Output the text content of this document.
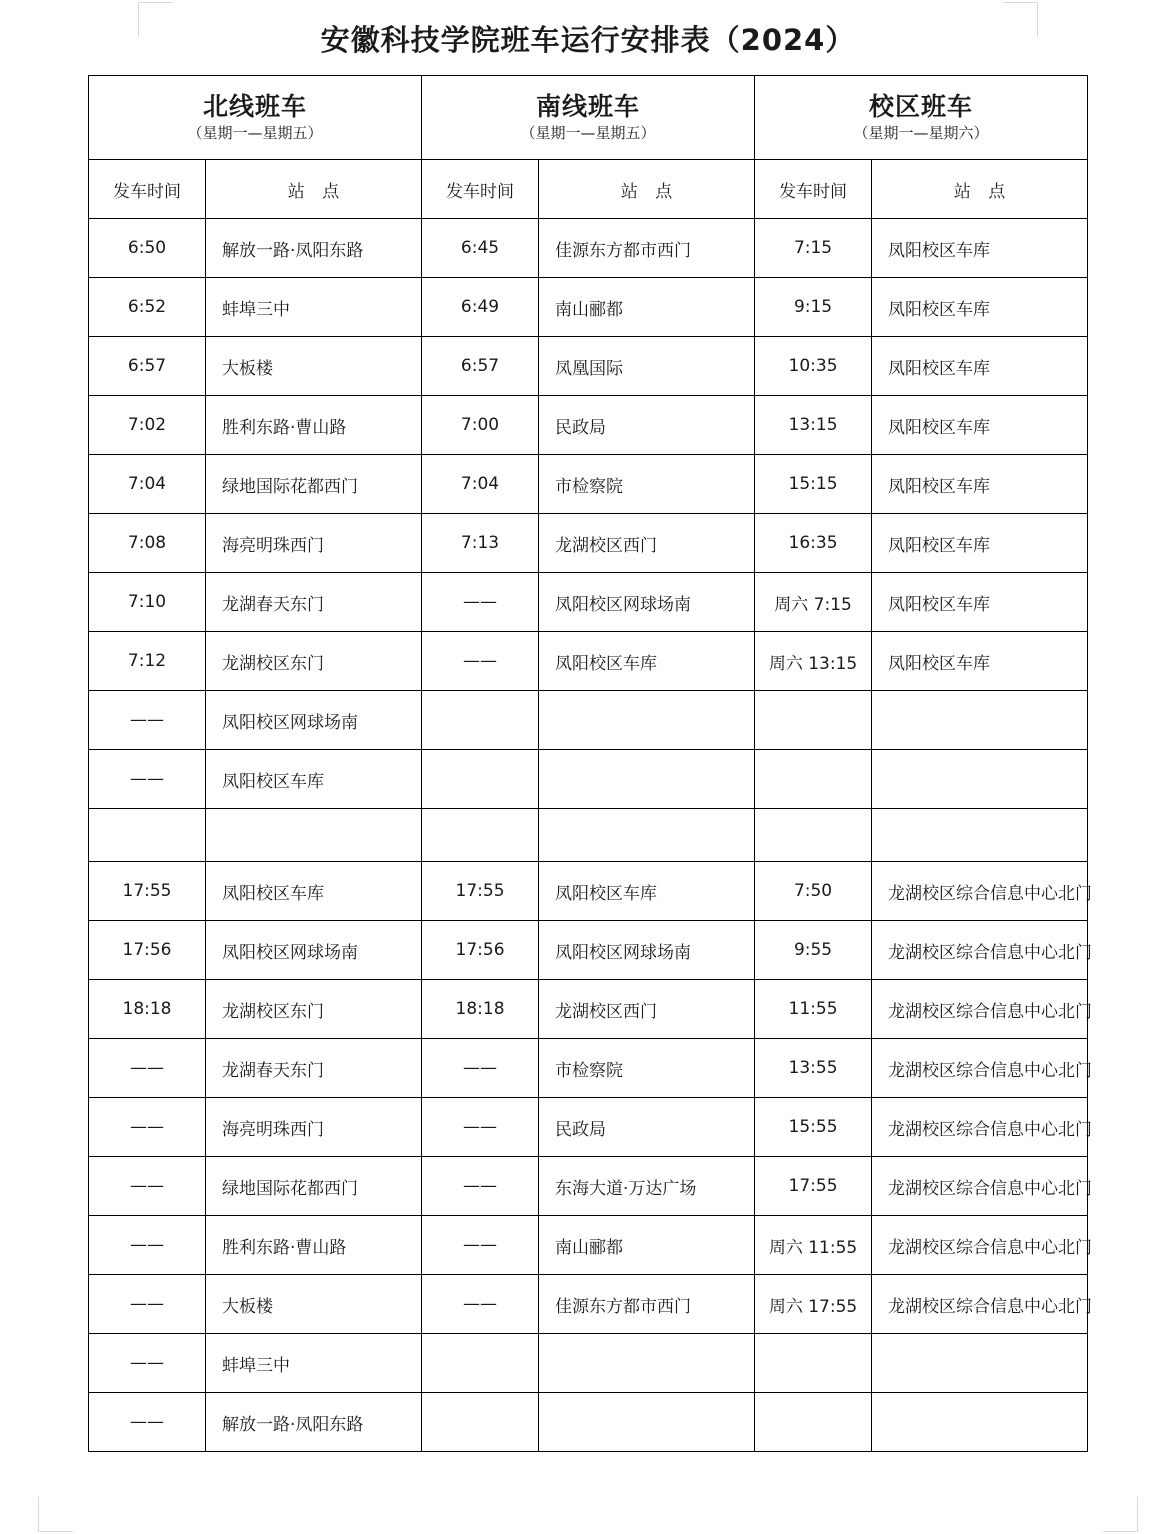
安徽科技学院班车运行安排表（2024）
北线班车
（星期一—星期五）

南线班车
（星期一—星期五）

校区班车
（星期一—星期六）

发车时间	站 点	发车时间	站 点	发车时间	站 点
6:50	解放一路·凤阳东路	6:45	佳源东方都市西门	7:15	凤阳校区车库
6:52	蚌埠三中	6:49	南山郦都	9:15	凤阳校区车库
6:57	大板楼	6:57	凤凰国际	10:35	凤阳校区车库
7:02	胜利东路·曹山路	7:00	民政局	13:15	凤阳校区车库
7:04	绿地国际花都西门	7:04	市检察院	15:15	凤阳校区车库
7:08	海亮明珠西门	7:13	龙湖校区西门	16:35	凤阳校区车库
7:10	龙湖春天东门	——	凤阳校区网球场南	周六 7:15	凤阳校区车库
7:12	龙湖校区东门	——	凤阳校区车库	周六 13:15	凤阳校区车库
——	凤阳校区网球场南				
——	凤阳校区车库				

17:55	凤阳校区车库	17:55	凤阳校区车库	7:50	龙湖校区综合信息中心北门
17:56	凤阳校区网球场南	17:56	凤阳校区网球场南	9:55	龙湖校区综合信息中心北门
18:18	龙湖校区东门	18:18	龙湖校区西门	11:55	龙湖校区综合信息中心北门
——	龙湖春天东门	——	市检察院	13:55	龙湖校区综合信息中心北门
——	海亮明珠西门	——	民政局	15:55	龙湖校区综合信息中心北门
——	绿地国际花都西门	——	东海大道·万达广场	17:55	龙湖校区综合信息中心北门
——	胜利东路·曹山路	——	南山郦都	周六 11:55	龙湖校区综合信息中心北门
——	大板楼	——	佳源东方都市西门	周六 17:55	龙湖校区综合信息中心北门
——	蚌埠三中				
——	解放一路·凤阳东路				
